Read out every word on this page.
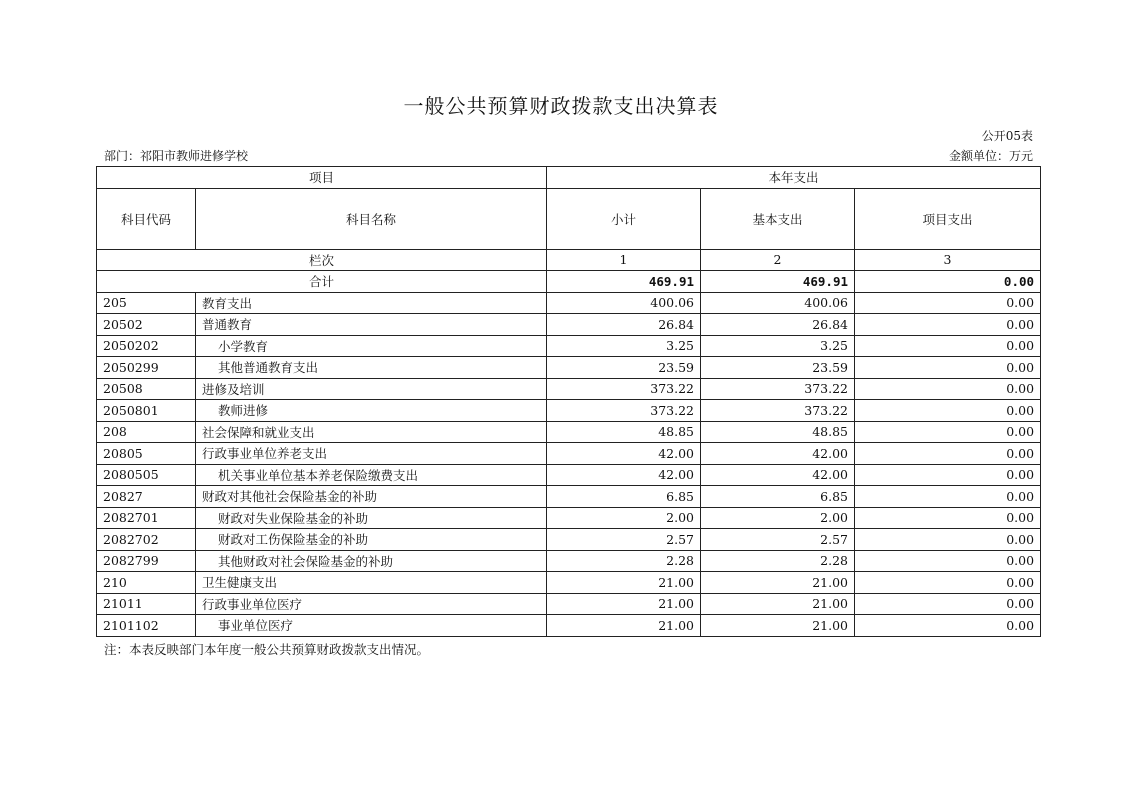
一般公共预算财政拨款支出决算表
公开05表
部门：祁阳市教师进修学校	金额单位：万元
项目		本年支出		
科目代码	科目名称	小计	基本支出	项目支出
栏次		1	2	3
合计		469.91	469.91	0.00
205	教育支出	400.06	400.06	0.00
20502	普通教育	26.84	26.84	0.00
2050202	小学教育	3.25	3.25	0.00
2050299	其他普通教育支出	23.59	23.59	0.00
20508	进修及培训	373.22	373.22	0.00
2050801	教师进修	373.22	373.22	0.00
208	社会保障和就业支出	48.85	48.85	0.00
20805	行政事业单位养老支出	42.00	42.00	0.00
2080505	机关事业单位基本养老保险缴费支出	42.00	42.00	0.00
20827	财政对其他社会保险基金的补助	6.85	6.85	0.00
2082701	财政对失业保险基金的补助	2.00	2.00	0.00
2082702	财政对工伤保险基金的补助	2.57	2.57	0.00
2082799	其他财政对社会保险基金的补助	2.28	2.28	0.00
210	卫生健康支出	21.00	21.00	0.00
21011	行政事业单位医疗	21.00	21.00	0.00
2101102	事业单位医疗	21.00	21.00	0.00
注：本表反映部门本年度一般公共预算财政拨款支出情况。
